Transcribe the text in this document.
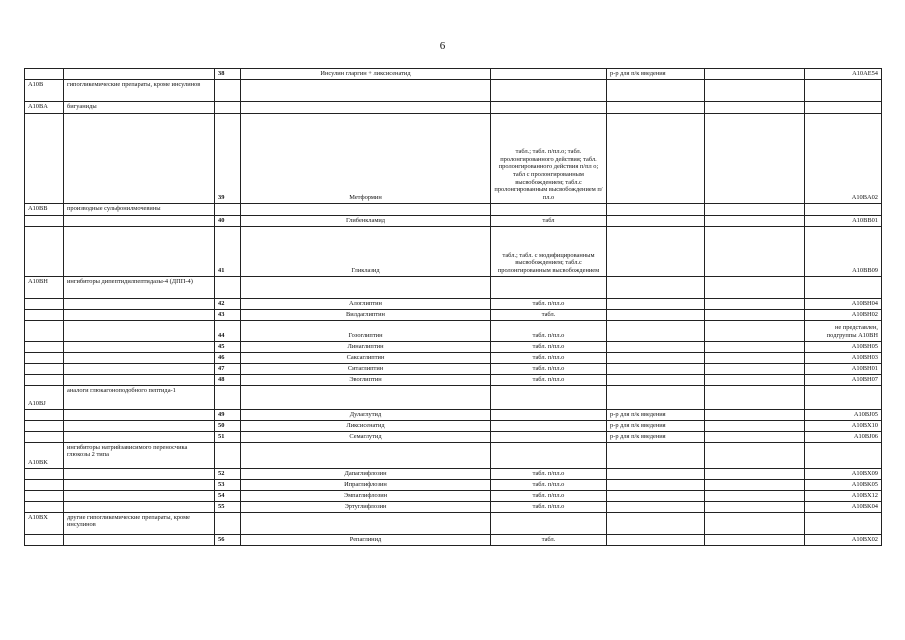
6
		38	Инсулин гларгин + ликсисенатид		р-р для п/к введения		A10AE54
A10B	гипогликемические препараты, кроме инсулинов						
A10BA	бигуаниды						
		39	Метформин	табл.; табл. п/пл.о; табл. пролонгированного действия; табл. пролонгированного действия п/пл о; табл с пролонгированным высвобождением; табл.с пролонгированным высвобождением п/пл.о			A10BA02
A10BB	производные сульфонилмочевины						
		40	Глибенкламид	табл			A10BB01
		41	Гликлазид	табл.; табл. с модифицированным высвобождением; табл.с пролонгированным высвобождением			A10BB09
A10BH	ингибиторы дипептидилпептидазы-4 (ДПП-4)						
		42	Алоглиптин	табл. п/пл.о			A10BH04
		43	Вилдаглиптин	табл.			A10BH02
		44	Гозоглиптин	табл. п/пл.о			не представлен, подгруппы A10BH
		45	Линаглиптин	табл. п/пл.о			A10BH05
		46	Саксаглиптин	табл. п/пл.о			A10BH03
		47	Ситаглиптин	табл. п/пл.о			A10BH01
		48	Эвоглиптин	табл. п/пл.о			A10BH07
A10BJ	аналоги глюкагоноподобного пептида-1						
		49	Дулаглутид		р-р для п/к введения		A10BJ05
		50	Ликсисенатид		р-р для п/к введения		A10BX10
		51	Семаглутид		р-р для п/к введения		A10BJ06
A10BK	ингибиторы натрийзависимого переносчика глюкозы 2 типа						
		52	Дапаглифлозин	табл. п/пл.о			A10BX09
		53	Ипраглифлозин	табл. п/пл.о			A10BK05
		54	Эмпаглифлозин	табл. п/пл.о			A10BX12
		55	Эртуглифлозин	табл. п/пл.о			A10BK04
A10BX	другие гипогликемические препараты, кроме инсулинов						
		56	Репаглинид	табл.			A10BX02
